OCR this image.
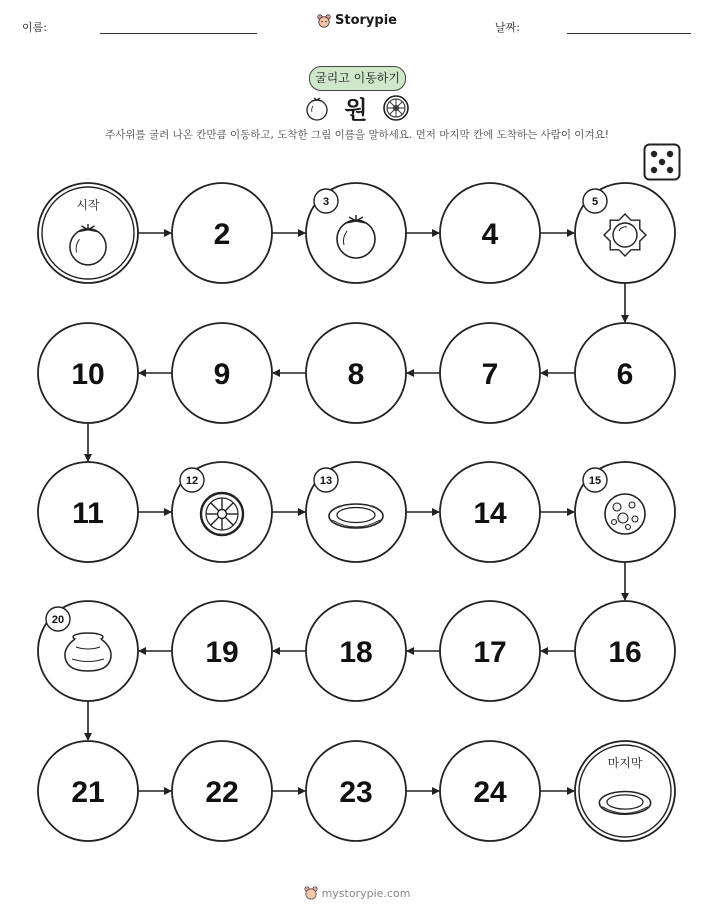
이름:	Storypie	날짜:
굴리고 이동하기
원
주사위를 굴려 나온 칸만큼 이동하고, 도착한 그림 이름을 말하세요. 먼저 마지막 칸에 도착하는 사람이 이겨요!
시작
2
3
4
5
6
7
8
9
10
11
12	13
14
15
16
17
18
19
20
21	22	23	24
마지막
mystorypie.com
